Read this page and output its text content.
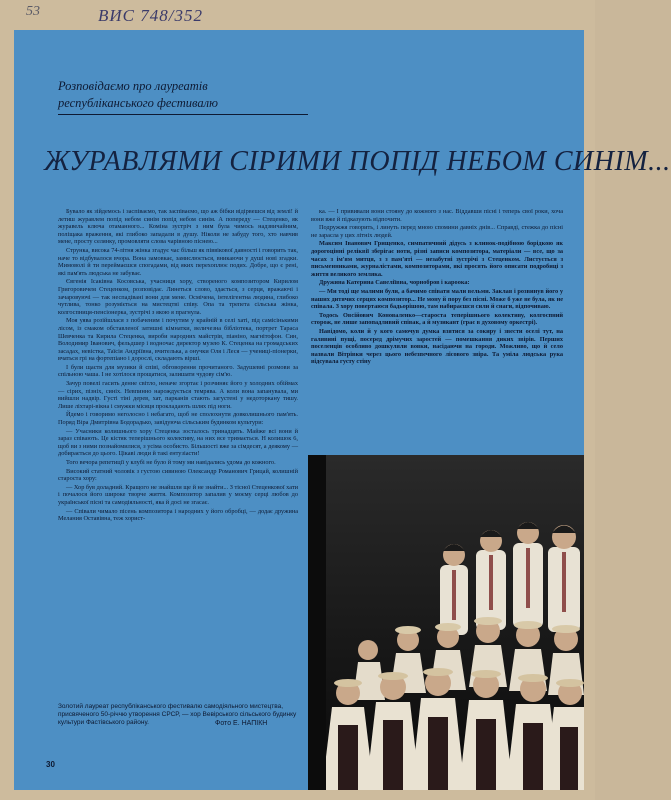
53	ВИС 748/352
Розповідаємо про лауреатів
республіканського фестивалю
ЖУРАВЛЯМИ СІРИМИ ПОПІД НЕБОМ СИНІМ...

Бувало як зійдемось і заспіваємо, так заспіваємо, що аж бібки відірвешся від землі! й летиш журавлем попід небом синім попід небом синім. А попереду — Стеценко, як журавель ключа отаманного... Коміна зустріч з ним була чимось надзвичайним, поліщака враження, які глибоко западали в душу. Ніколи не забуду того, хто навчив мене, просту селянку, промовляти словa чарівною піснею...

Струнка, висока 74-літня жінка згадує час більш як піввікової давності і говорить так, наче то відбувалося вчора. Вона замовкає, замислюється, вникаючи у душі нові згадки. Мимоволі й ти переймаєшся спогадами, від яких перехоплює подих. Добре, що є рені, які пам'ять людська не забуває.

Євгенія Ісаківна Косовська, учасниця хору, створеного композитором Кирилом Григоровичем Стеценком, розповідає. Линеться слово, здається, з серця, вражаючі і зачаровуючі — так неспадівані вони для мене. Осмічена, інтелігентна людина, глибоко чутлива, тонко розуміється на мистецтві співу. Опа та трепета сільська жінка, колгоспниця-пенсіонерка, зустрічі з якою я прагнула.

Моя уява розійшлася з побаченим і почутим у крайній в селі хаті, під самісінькими лісом, із смаком обставленої затишні кімнатки, величезна бібліотека, портрет Тараса Шевченка та Кирила Стеценка, вироби народних майстрів, піаніно, магнітофон. Син, Володимир Іванович, фельдшер і водночас директор музею К. Стеценка на громадських засадах, невістка, Таїсія Андріївна, вчителька, а онучки Оля і Леся — учениці-піонерки, вчаться грі на фортепіано і дорослі, складають вірші.

І були щастя для музики й співі, обговорення прочитаного. Задушевні розмови за спільною чаша. І не хотілося прощатися, залишати чудову сім'ю.

Зачур повелі гасить денне світло, неначе згортає і розчиняє його у холодних обіймах — сірих, пізніх, синіх. Невпинно нарождується темрява. А коли вона запанувала, ми вийшли надвір. Густі тіні дерев, хат, парканів стають загустені у недоторкану тишу. Лише ліхтарі-вікна і смужки місяця прокладають шлях під ноги.

Йдемо і говоримо неголосно і небагато, щоб не сполохнути довколишнього пам'ять. Поряд Віра Дмитрівна Бодорадько, завідуюча сільським будинком культури:

— Учасники колишнього хору Стеценка зосталось тринадцять. Майже всі вони й зараз співають. Це кістяк теперішнього колективу, на них все тримається. Н колишок 6, щоб ви з ними познайомилися, з усіма особисто. Більшості вже за сімдесят, а деякому — добирається до цього. Цікаві люди й такі ентузіасти!

Того вечора репетиції у клубі не було й тому ми навідались удома до кожного.

Високий статний чоловік з густою сивиною Олександр Романович Грицай, колишній староста хору:

— Хор був доладний. Кращого не знайшли ще й не знайти... З тісної Стеценкової хати і почалося його широке творче життя. Композитор запалив у моєму серці любов до української пісні та самодіяльності, яка й досі не згасає.

— Співали чимало пісень композитора і народних у його обробці, — додає дружина Мелания Оставівна, теж хорист-

ка. — І прививали вони стояну до кожного з нас. Віддавши пісні і теперь свої роки, хоча вони вже й підказують відпочити.

Подружжя говорить, і линуть перед мною спомини давніх днів... Справді, стежка до пісні не зарасла у цих літніх людей.

Максим Іванович Грищенко, симпатичний дідусь з клинок-подібною борідкою як дорогоцінні реліквії зберігає ноти, різні записи композитора, матеріали — все, що за часах з ім'ям митця, з з пам'яті — незабутні зустрічі з Стеценком. Листується з письменниками, журналістами, композиторами, які просять його описати подробиці з життя великого земляка.

Дружина Катерина Савеліївна, чорнобров і кароока:

— Ми тоді ще малими були, а бачимо співати мали вельми. Заклав і розвинув його у наших дитячих серцях композитор... Не мону й пору без пісні. Може б уже не була, як не співала. З хору повертаюся бадьорішою, там набираєшся сили й снаги, відпочиваю.

Тодось Овсійович Коноваленко—староста теперішнього колективу, колгоспний сторож, не лише запопадливий співак, а й музикант (грає в духовому оркестрі).

Навідомо, коли й у кого самочув думка взятися за сокиру і звести оселі тут, на галявині пущі, посеред дрімучих заростей — помешкання диких звірів. Перших поселенців особливо дошкуляли вовки, насідаючи на городи. Можливо, що й село назвали Вітрівки через цього небезпечного лісового звіра. Та уміла людська рука відсувала густу стіну

Золотий лауреат республіканського фестивалю самодіяльного мистецтва, присвяченого 50-річчю утворення СРСР, — хор Вевірського сільського будинку культури Фастівського району.	Фото Е. НАПІКН
30
